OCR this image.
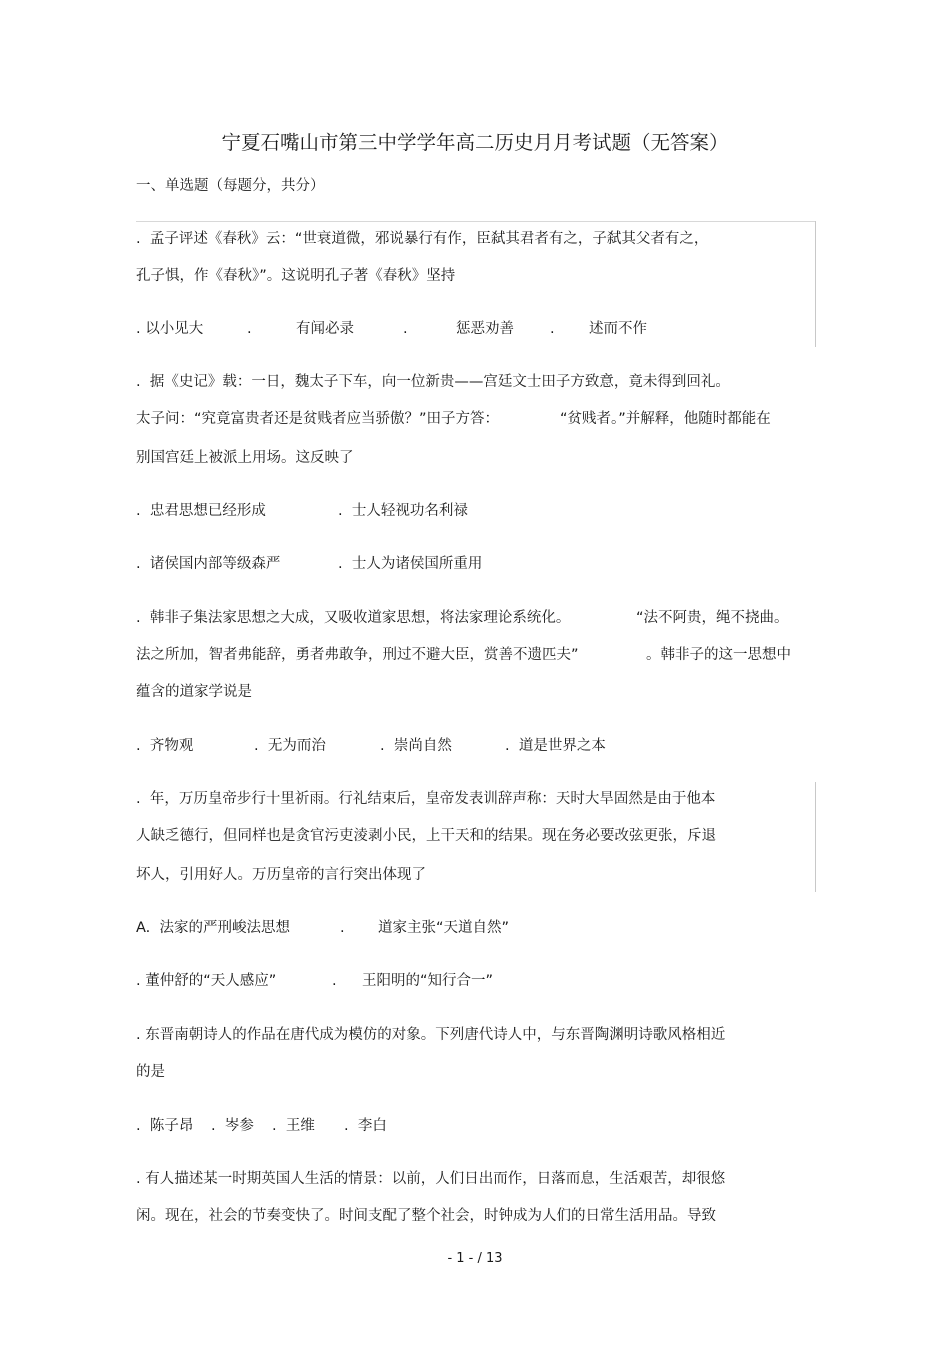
宁夏石嘴山市第三中学学年高二历史月月考试题（无答案）
一、单选题（每题分，共分）
.  孟子评述《春秋》云：“世衰道微，邪说暴行有作，臣弑其君者有之，子弑其父者有之，
孔子惧，作《春秋》”。这说明孔子著《春秋》坚持
. 以小见大	.	有闻必录	.	惩恶劝善 . 述而不作
.  据《史记》载：一日，魏太子下车，向一位新贵——宫廷文士田子方致意，竟未得到回礼。
太子问：“究竟富贵者还是贫贱者应当骄傲？”田子方答：	“贫贱者。”并解释，他随时都能在
别国宫廷上被派上用场。这反映了
.  忠君思想已经形成	.  士人轻视功名利禄
.  诸侯国内部等级森严	.  士人为诸侯国所重用
.  韩非子集法家思想之大成，又吸收道家思想，将法家理论系统化。	“法不阿贵，绳不挠曲。
法之所加，智者弗能辞，勇者弗敢争，刑过不避大臣，赏善不遗匹夫”	。韩非子的这一思想中
蕴含的道家学说是
.  齐物观	.  无为而治	.  崇尚自然	.  道是世界之本
.  年，万历皇帝步行十里祈雨。行礼结束后，皇帝发表训辞声称：天时大旱固然是由于他本
人缺乏德行，但同样也是贪官污吏淩剥小民，上干天和的结果。现在务必要改弦更张，斥退
坏人，引用好人。万历皇帝的言行突出体现了
A.  法家的严刑峻法思想	. 道家主张“天道自然”
. 董仲舒的“天人感应”	. 王阳明的“知行合一”
. 东晋南朝诗人的作品在唐代成为模仿的对象。下列唐代诗人中，与东晋陶渊明诗歌风格相近
的是
.  陈子昂 .  岑参 .  王维 .  李白
. 有人描述某一时期英国人生活的情景：以前，人们日出而作，日落而息，生活艰苦，却很悠
闲。现在，社会的节奏变快了。时间支配了整个社会，时钟成为人们的日常生活用品。导致
- 1 - / 13
